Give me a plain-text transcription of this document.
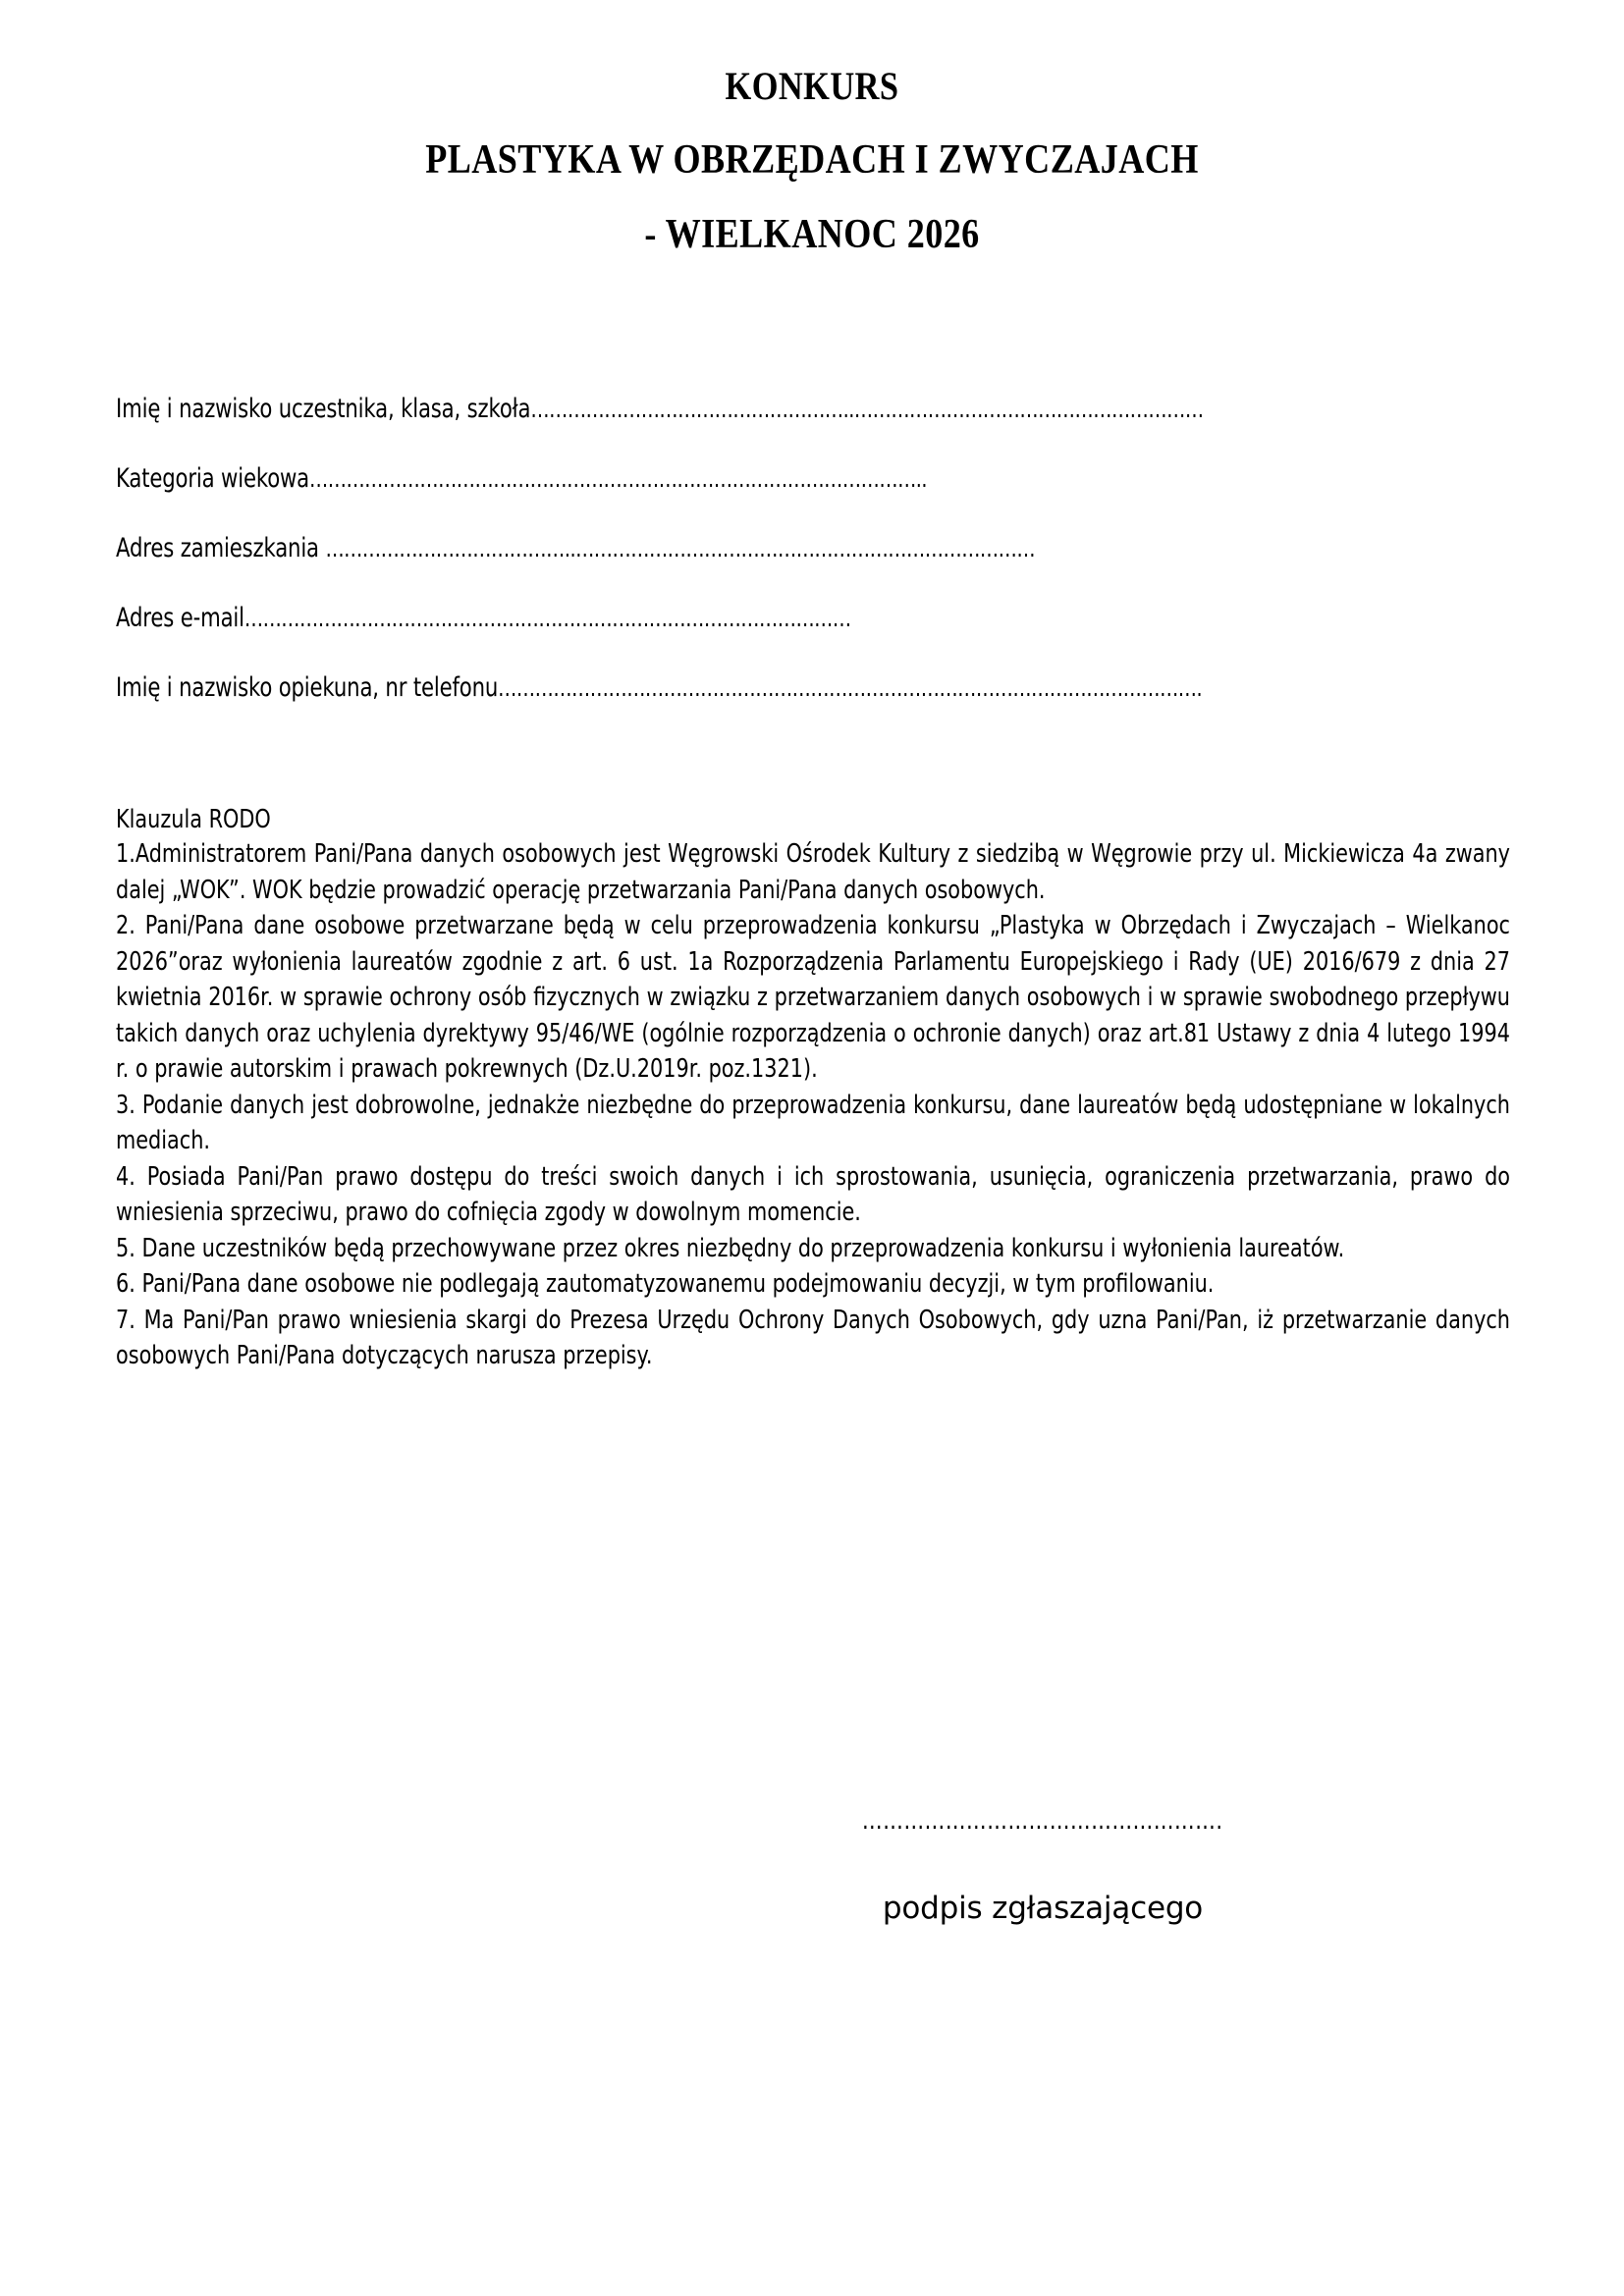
KONKURS
PLASTYKA W OBRZĘDACH I ZWYCZAJACH
- WIELKANOC 2026
Imię i nazwisko uczestnika, klasa, szkoła……………………………………………..…………………………………………………
Kategoria wiekowa………………………………………………………………………………………..
Adres zamieszkania …………………………………..…………………………………………………………………
Adres e-mail………………………………………………………………………………………
Imię i nazwisko opiekuna, nr telefonu…………………………………………………………………………………………………….
Klauzula RODO
1.Administratorem Pani/Pana danych osobowych jest Węgrowski Ośrodek Kultury z siedzibą w Węgrowie przy ul. Mickiewicza 4a zwany dalej „WOK”. WOK będzie prowadzić operację przetwarzania Pani/Pana danych osobowych.
2. Pani/Pana dane osobowe przetwarzane będą w celu przeprowadzenia konkursu „Plastyka w Obrzędach i Zwyczajach – Wielkanoc 2026”oraz wyłonienia laureatów zgodnie z art. 6 ust. 1a Rozporządzenia Parlamentu Europejskiego i Rady (UE) 2016/679 z dnia 27 kwietnia 2016r. w sprawie ochrony osób fizycznych w związku z przetwarzaniem danych osobowych i w sprawie swobodnego przepływu takich danych oraz uchylenia dyrektywy 95/46/WE (ogólnie rozporządzenia o ochronie danych) oraz art.81 Ustawy z dnia 4 lutego 1994 r. o prawie autorskim i prawach pokrewnych (Dz.U.2019r. poz.1321).
3. Podanie danych jest dobrowolne, jednakże niezbędne do przeprowadzenia konkursu, dane laureatów będą udostępniane w lokalnych mediach.
4. Posiada Pani/Pan prawo dostępu do treści swoich danych i ich sprostowania, usunięcia, ograniczenia przetwarzania, prawo do wniesienia sprzeciwu, prawo do cofnięcia zgody w dowolnym momencie.
5. Dane uczestników będą przechowywane przez okres niezbędny do przeprowadzenia konkursu i wyłonienia laureatów.
6. Pani/Pana dane osobowe nie podlegają zautomatyzowanemu podejmowaniu decyzji, w tym profilowaniu.
7. Ma Pani/Pan prawo wniesienia skargi do Prezesa Urzędu Ochrony Danych Osobowych, gdy uzna Pani/Pan, iż przetwarzanie danych osobowych Pani/Pana dotyczących narusza przepisy.
…………………………………………….
podpis zgłaszającego
